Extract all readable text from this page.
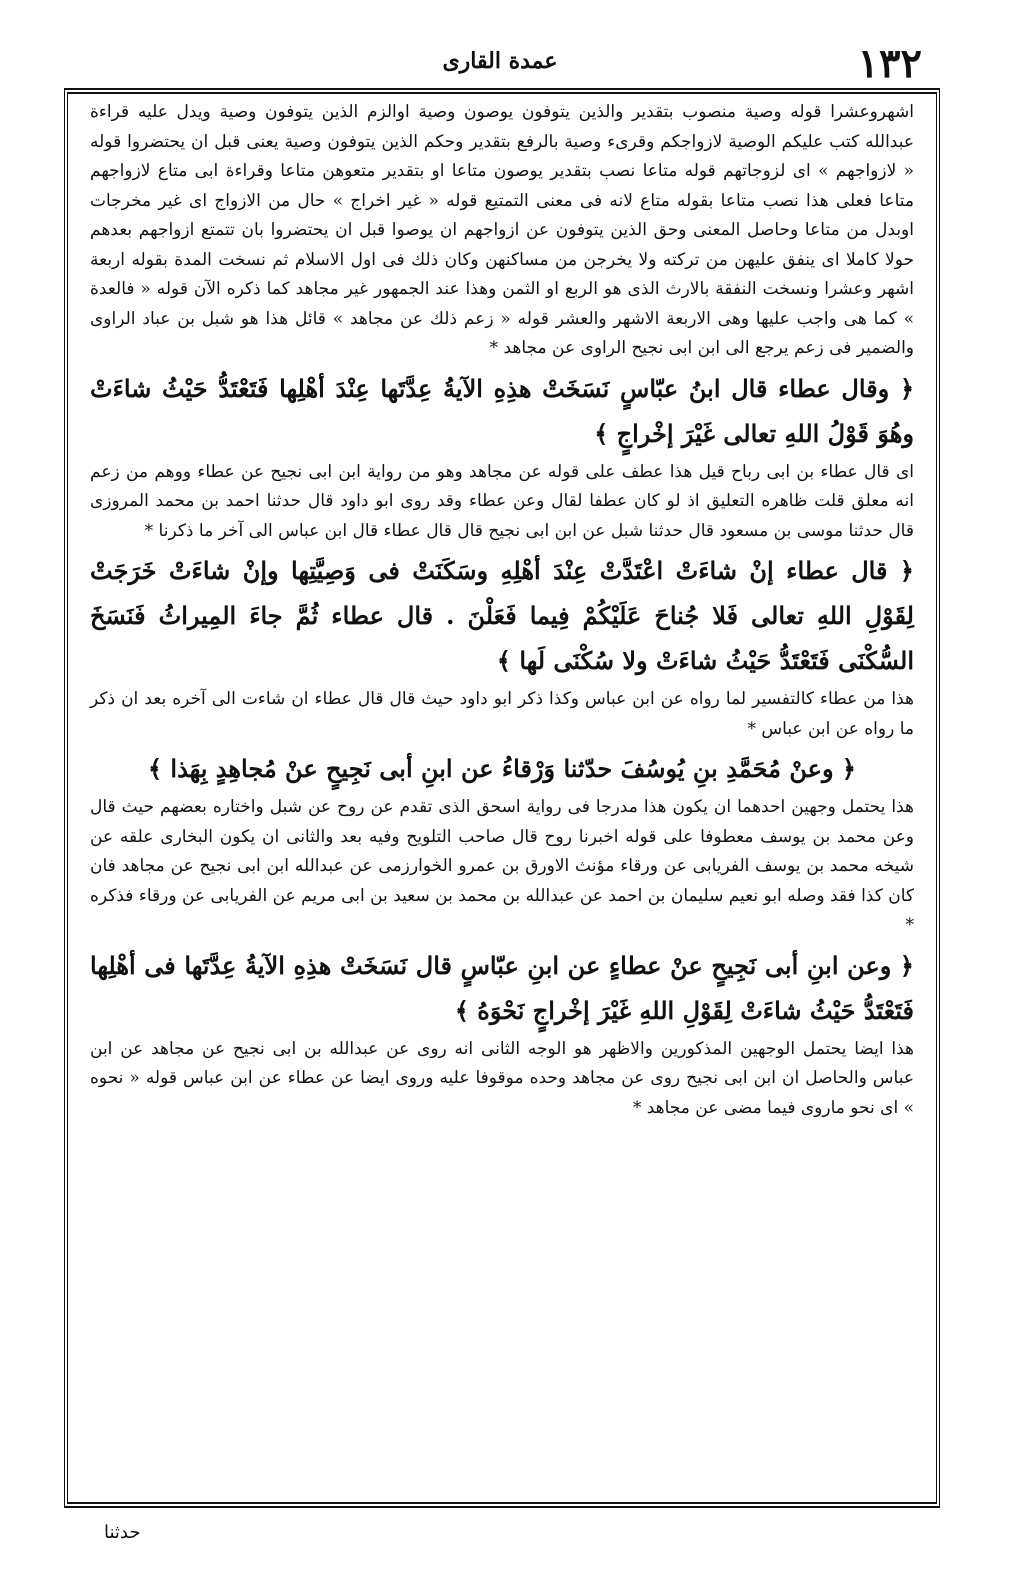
١٣٢
عمدة القارى

اشهروعشرا قوله وصية منصوب بتقدير والذين يتوفون يوصون وصية اوالزم الذين يتوفون وصية ويدل عليه قراءة عبدالله كتب عليكم الوصية لازواجكم وقرىء وصية بالرفع بتقدير وحكم الذين يتوفون وصية يعنى قبل ان يحتضروا قوله « لازواجهم » اى لزوجاتهم قوله متاعا نصب بتقدير يوصون متاعا او بتقدير متعوهن متاعا وقراءة ابى متاع لازواجهم متاعا فعلى هذا نصب متاعا بقوله متاع لانه فى معنى التمتيع قوله « غير اخراج » حال من الازواج اى غير مخرجات اوبدل من متاعا وحاصل المعنى وحق الذين يتوفون عن ازواجهم ان يوصوا قبل ان يحتضروا بان تتمتع ازواجهم بعدهم حولا كاملا اى ينفق عليهن من تركته ولا يخرجن من مساكنهن وكان ذلك فى اول الاسلام ثم نسخت المدة بقوله اربعة اشهر وعشرا ونسخت النفقة بالارث الذى هو الربع او الثمن وهذا عند الجمهور غير مجاهد كما ذكره الآن قوله « فالعدة » كما هى واجب عليها وهى الاربعة الاشهر والعشر قوله « زعم ذلك عن مجاهد » قائل هذا هو شبل بن عباد الراوى والضمير فى زعم يرجع الى ابن ابى نجيح الراوى عن مجاهد *

﴿ وقال عطاء قال ابنُ عبّاسٍ نَسَخَتْ هذِهِ الآيةُ عِدَّتَها عِنْدَ أهْلِها فَتَعْتَدُّ حَيْثُ شاءَتْ وهُوَ قَوْلُ اللهِ تعالى غَيْرَ إخْراجٍ ﴾

اى قال عطاء بن ابى رباح قيل هذا عطف على قوله عن مجاهد وهو من رواية ابن ابى نجيح عن عطاء ووهم من زعم انه معلق قلت ظاهره التعليق اذ لو كان عطفا لقال وعن عطاء وقد روى ابو داود قال حدثنا احمد بن محمد المروزى قال حدثنا موسى بن مسعود قال حدثنا شبل عن ابن ابى نجيح قال قال عطاء قال ابن عباس الى آخر ما ذكرنا *

﴿ قال عطاء إنْ شاءَتْ اعْتَدَّتْ عِنْدَ أهْلِهِ وسَكَنَتْ فى وَصِيَّتِها وإنْ شاءَتْ خَرَجَتْ لِقَوْلِ اللهِ تعالى فَلا جُناحَ عَلَيْكُمْ فِيما فَعَلْنَ . قال عطاء ثُمَّ جاءَ المِيراثُ فَنَسَخَ السُّكْنَى فَتَعْتَدُّ حَيْثُ شاءَتْ ولا سُكْنَى لَها ﴾

هذا من عطاء كالتفسير لما رواه عن ابن عباس وكذا ذكر ابو داود حيث قال قال عطاء ان شاءت الى آخره بعد ان ذكر ما رواه عن ابن عباس *

﴿ وعنْ مُحَمَّدِ بنِ يُوسُفَ حدّثنا وَرْقاءُ عن ابنِ أبى نَجِيحٍ عنْ مُجاهِدٍ بِهَذا ﴾

هذا يحتمل وجهين احدهما ان يكون هذا مدرجا فى رواية اسحق الذى تقدم عن روح عن شبل واختاره بعضهم حيث قال وعن محمد بن يوسف معطوفا على قوله اخبرنا روح قال صاحب التلويح وفيه بعد والثانى ان يكون البخارى علقه عن شيخه محمد بن يوسف الفريابى عن ورقاء مؤنث الاورق بن عمرو الخوارزمى عن عبدالله ابن ابى نجيح عن مجاهد فان كان كذا فقد وصله ابو نعيم سليمان بن احمد عن عبدالله بن محمد بن سعيد بن ابى مريم عن الفريابى عن ورقاء فذكره *

﴿ وعن ابنِ أبى نَجِيحٍ عنْ عطاءٍ عن ابنِ عبّاسٍ قال نَسَخَتْ هذِهِ الآيةُ عِدَّتَها فى أهْلِها فَتَعْتَدُّ حَيْثُ شاءَتْ لِقَوْلِ اللهِ غَيْرَ إخْراجٍ نَحْوَهُ ﴾

هذا ايضا يحتمل الوجهين المذكورين والاظهر هو الوجه الثانى انه روى عن عبدالله بن ابى نجيح عن مجاهد عن ابن عباس والحاصل ان ابن ابى نجيح روى عن مجاهد وحده موقوفا عليه وروى ايضا عن عطاء عن ابن عباس قوله « نحوه » اى نحو ماروى فيما مضى عن مجاهد *

حدثنا
